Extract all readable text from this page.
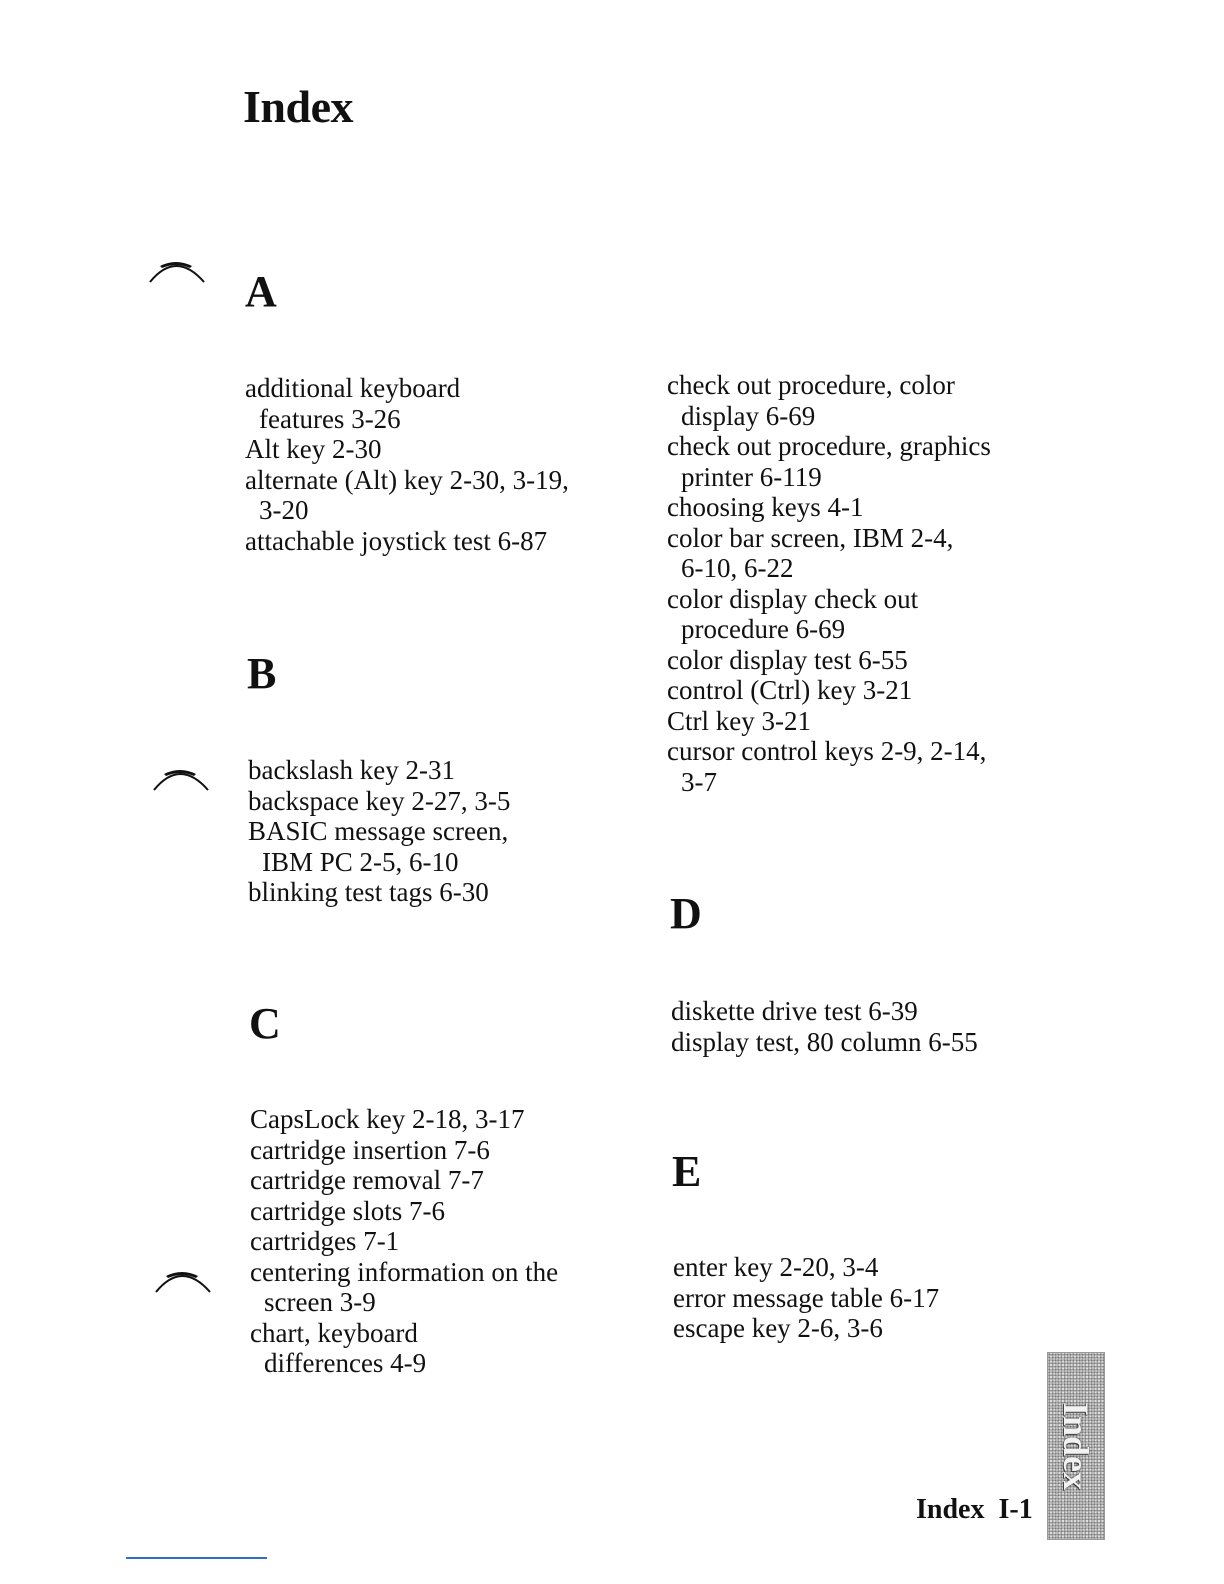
Index
A
B
C
D
E
additional keyboard
features 3-26
Alt key 2-30
alternate (Alt) key 2-30, 3-19,
3-20
attachable joystick test 6-87
backslash key 2-31
backspace key 2-27, 3-5
BASIC message screen,
IBM PC 2-5, 6-10
blinking test tags 6-30
CapsLock key 2-18, 3-17
cartridge insertion 7-6
cartridge removal 7-7
cartridge slots 7-6
cartridges 7-1
centering information on the
screen 3-9
chart, keyboard
differences 4-9
check out procedure, color
display 6-69
check out procedure, graphics
printer 6-119
choosing keys 4-1
color bar screen, IBM 2-4,
6-10, 6-22
color display check out
procedure 6-69
color display test 6-55
control (Ctrl) key 3-21
Ctrl key 3-21
cursor control keys 2-9, 2-14,
3-7
diskette drive test 6-39
display test, 80 column 6-55
enter key 2-20, 3-4
error message table 6-17
escape key 2-6, 3-6
Index
Index I-1
